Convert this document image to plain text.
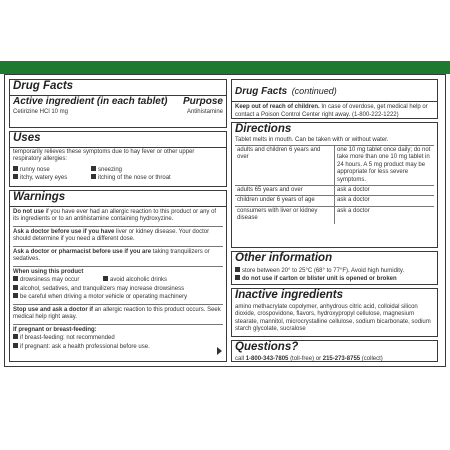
Drug Facts
Active ingredient (in each tablet) Purpose
Cetirizine HCl 10 mg	Antihistamine
Uses
temporarily relieves these symptoms due to hay fever or other upper respiratory allergies:
runny nose
itchy, watery eyes
sneezing
itching of the nose or throat
Warnings
Do not use if you have ever had an allergic reaction to this product or any of its ingredients or to an antihistamine containing hydroxyzine.
Ask a doctor before use if you have liver or kidney disease. Your doctor should determine if you need a different dose.
Ask a doctor or pharmacist before use if you are taking tranquilizers or sedatives.
When using this product
drowsiness may occur	avoid alcoholic drinks
alcohol, sedatives, and tranquilizers may increase drowsiness
be careful when driving a motor vehicle or operating machinery
Stop use and ask a doctor if an allergic reaction to this product occurs. Seek medical help right away.
If pregnant or breast-feeding:
if breast-feeding: not recommended
if pregnant: ask a health professional before use.
Drug Facts (continued)
Keep out of reach of children. In case of overdose, get medical help or contact a Poison Control Center right away. (1-800-222-1222)
Directions
Tablet melts in mouth. Can be taken with or without water.
adults and children 6 years and over	one 10 mg tablet once daily; do not take more than one 10 mg tablet in 24 hours. A 5 mg product may be appropriate for less severe symptoms.
adults 65 years and over	ask a doctor
children under 6 years of age	ask a doctor
consumers with liver or kidney disease	ask a doctor
Other information
store between 20° to 25°C (68° to 77°F). Avoid high humidity.
do not use if carton or blister unit is opened or broken
Inactive ingredients
amino methacrylate copolymer, anhydrous citric acid, colloidal silicon dioxide, crospovidone, flavors, hydroxypropyl cellulose, magnesium stearate, mannitol, microcrystalline cellulose, sodium bicarbonate, sodium starch glycolate, sucralose
Questions?
call 1-800-343-7805 (toll-free) or 215-273-8755 (collect)
